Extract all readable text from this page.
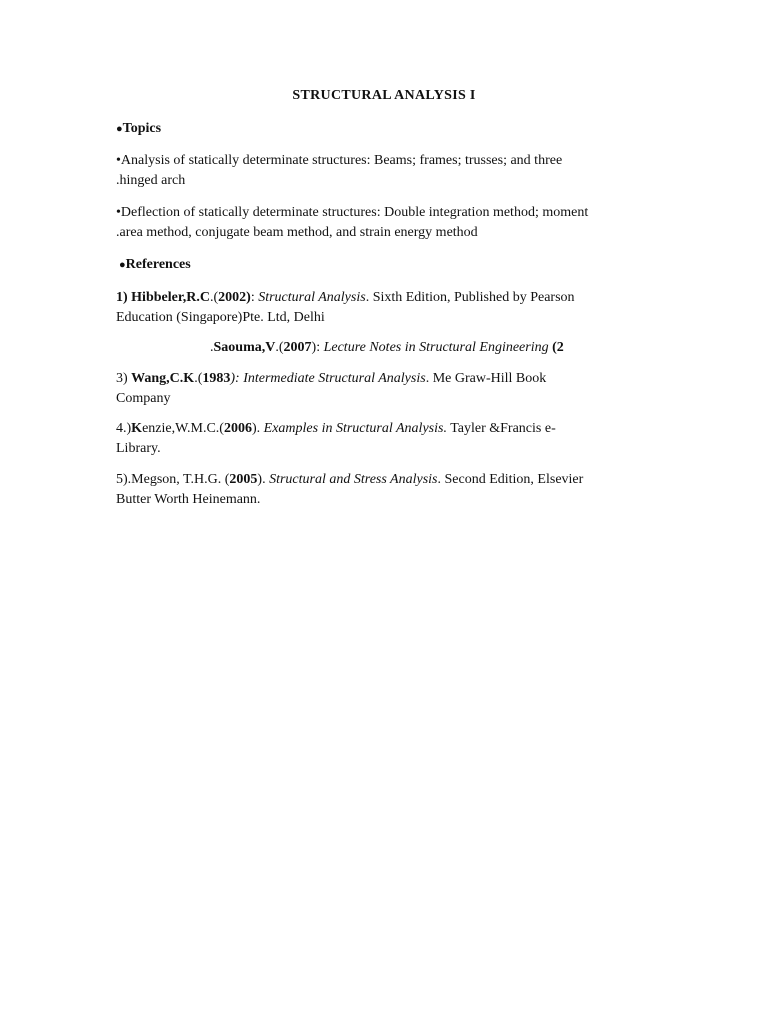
STRUCTURAL ANALYSIS I
●Topics
•Analysis of statically determinate structures: Beams; frames; trusses; and three
.hinged arch
•Deflection of statically determinate structures: Double integration method; moment
.area method, conjugate beam method, and strain energy method
●References
1) Hibbeler,R.C.(2002): Structural Analysis. Sixth Edition, Published by Pearson
Education (Singapore)Pte. Ltd, Delhi
.Saouma,V.(2007): Lecture Notes in Structural Engineering (2
3) Wang,C.K.(1983): Intermediate Structural Analysis. Me Graw-Hill Book
Company
4.)Kenzie,W.M.C.(2006). Examples in Structural Analysis. Tayler &Francis e-
Library.
5).Megson, T.H.G. (2005). Structural and Stress Analysis. Second Edition, Elsevier
Butter Worth Heinemann.
